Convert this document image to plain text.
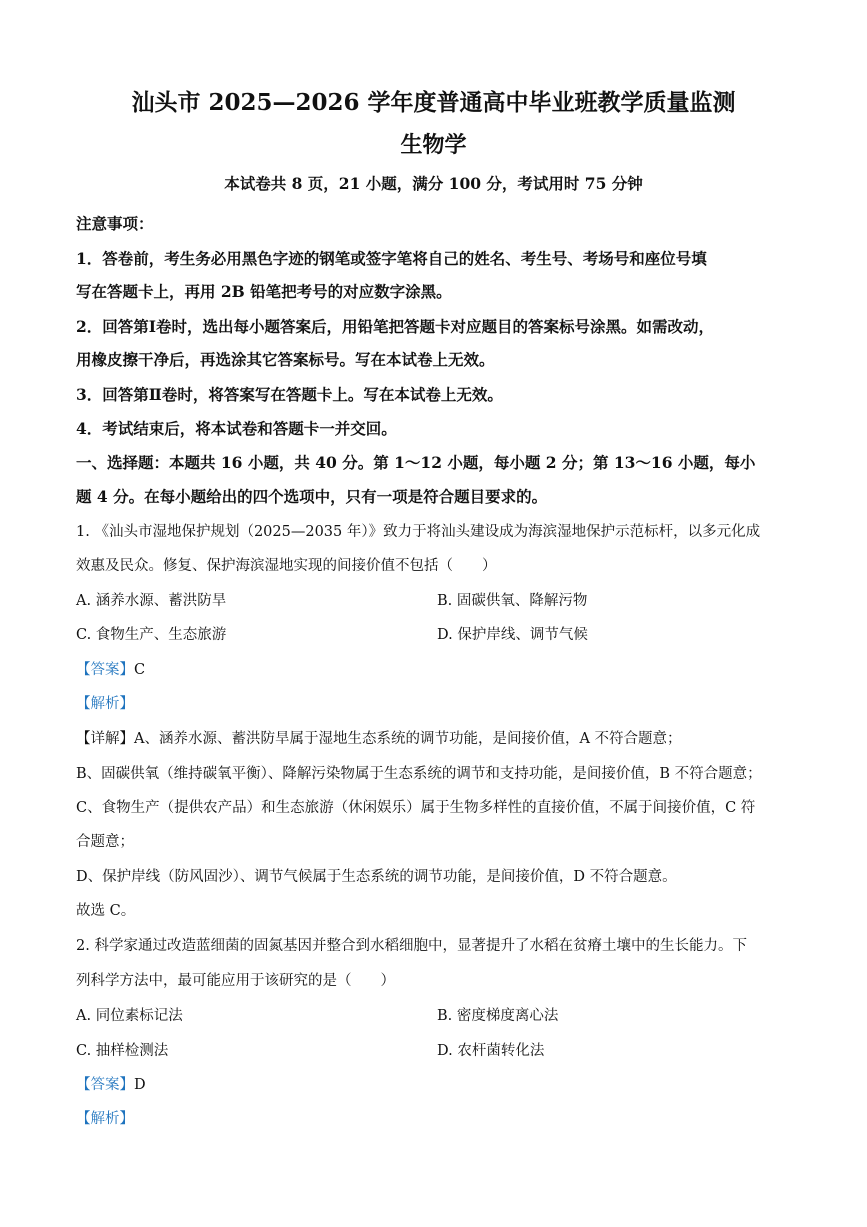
汕头市 2025—2026 学年度普通高中毕业班教学质量监测
生物学
本试卷共 8 页，21 小题，满分 100 分，考试用时 75 分钟
注意事项：
1．答卷前，考生务必用黑色字迹的钢笔或签字笔将自己的姓名、考生号、考场号和座位号填
写在答题卡上，再用 2B 铅笔把考号的对应数字涂黑。
2．回答第Ⅰ卷时，选出每小题答案后，用铅笔把答题卡对应题目的答案标号涂黑。如需改动，
用橡皮擦干净后，再选涂其它答案标号。写在本试卷上无效。
3．回答第Ⅱ卷时，将答案写在答题卡上。写在本试卷上无效。
4．考试结束后，将本试卷和答题卡一并交回。
一、选择题：本题共 16 小题，共 40 分。第 1～12 小题，每小题 2 分；第 13～16 小题，每小
题 4 分。在每小题给出的四个选项中，只有一项是符合题目要求的。
1. 《汕头市湿地保护规划（2025—2035 年）》致力于将汕头建设成为海滨湿地保护示范标杆，以多元化成
效惠及民众。修复、保护海滨湿地实现的间接价值不包括（　　）
A. 涵养水源、蓄洪防旱	B. 固碳供氧、降解污物
C. 食物生产、生态旅游	D. 保护岸线、调节气候
【答案】C
【解析】
【详解】A、涵养水源、蓄洪防旱属于湿地生态系统的调节功能，是间接价值，A 不符合题意；
B、固碳供氧（维持碳氧平衡）、降解污染物属于生态系统的调节和支持功能，是间接价值，B 不符合题意；
C、食物生产（提供农产品）和生态旅游（休闲娱乐）属于生物多样性的直接价值，不属于间接价值，C 符
合题意；
D、保护岸线（防风固沙）、调节气候属于生态系统的调节功能，是间接价值，D 不符合题意。
故选 C。
2. 科学家通过改造蓝细菌的固氮基因并整合到水稻细胞中，显著提升了水稻在贫瘠土壤中的生长能力。下
列科学方法中，最可能应用于该研究的是（　　）
A. 同位素标记法	B. 密度梯度离心法
C. 抽样检测法	D. 农杆菌转化法
【答案】D
【解析】
